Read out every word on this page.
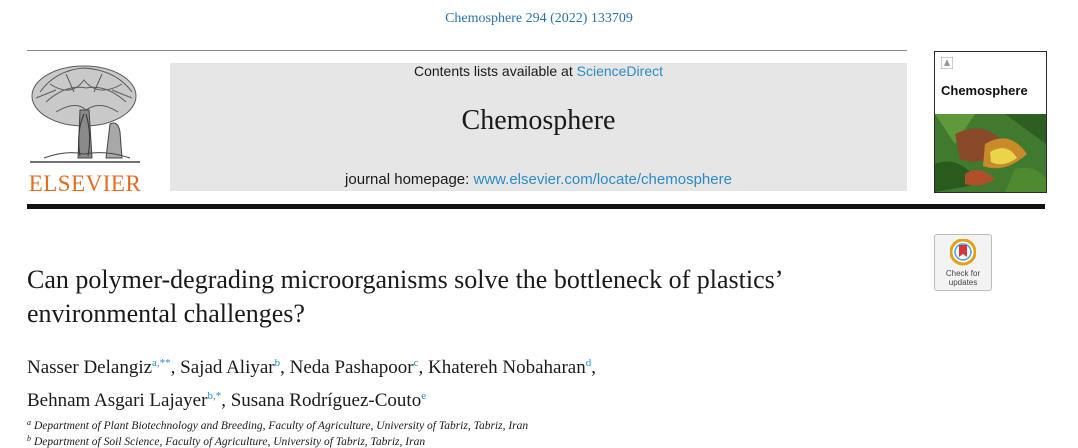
Chemosphere 294 (2022) 133709
ELSEVIER
Contents lists available at ScienceDirect
Chemosphere
journal homepage: www.elsevier.com/locate/chemosphere
Chemosphere
Check for
updates
Can polymer-degrading microorganisms solve the bottleneck of plastics’ environmental challenges?
Nasser Delangiz$^{a,**}$, Sajad Aliyar$^b$, Neda Pashapoor$^c$, Khatereh Nobaharan$^d$,
Behnam Asgari Lajayer$^{b,*}$, Susana Rodríguez-Couto$^e$
$^a$ Department of Plant Biotechnology and Breeding, Faculty of Agriculture, University of Tabriz, Tabriz, Iran
$^b$ Department of Soil Science, Faculty of Agriculture, University of Tabriz, Tabriz, Iran
